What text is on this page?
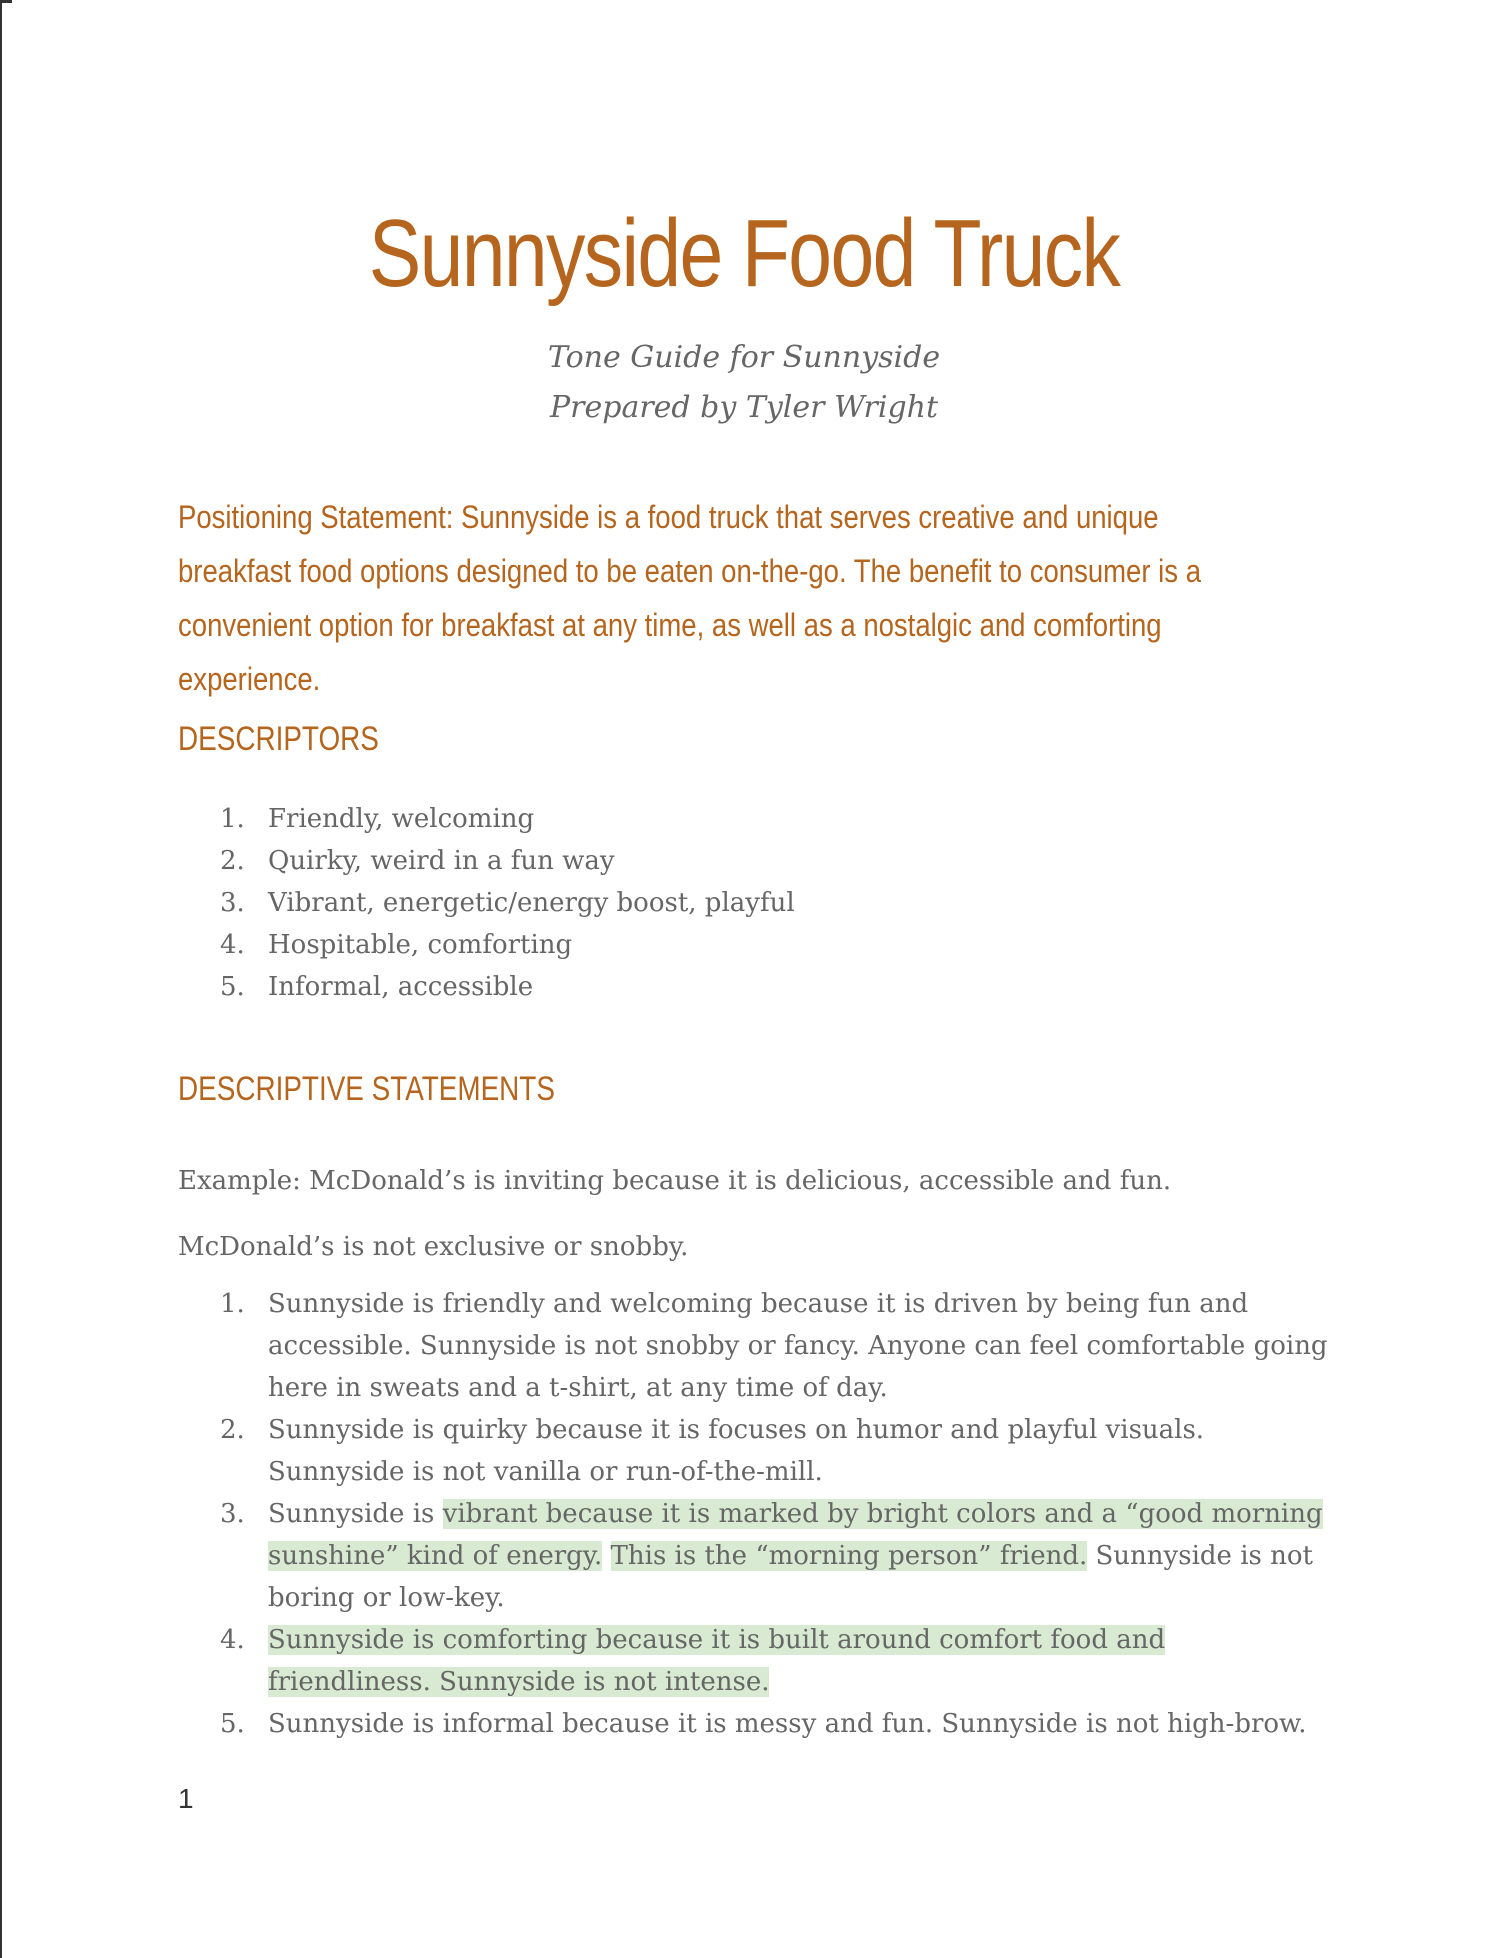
Sunnyside Food Truck
Tone Guide for Sunnyside
Prepared by Tyler Wright
Positioning Statement: Sunnyside is a food truck that serves creative and unique breakfast food options designed to be eaten on-the-go. The benefit to consumer is a convenient option for breakfast at any time, as well as a nostalgic and comforting experience.
DESCRIPTORS
1. Friendly, welcoming
2. Quirky, weird in a fun way
3. Vibrant, energetic/energy boost, playful
4. Hospitable, comforting
5. Informal, accessible
DESCRIPTIVE STATEMENTS
Example: McDonald’s is inviting because it is delicious, accessible and fun. McDonald’s is not exclusive or snobby.
1. Sunnyside is friendly and welcoming because it is driven by being fun and accessible. Sunnyside is not snobby or fancy. Anyone can feel comfortable going here in sweats and a t-shirt, at any time of day.
2. Sunnyside is quirky because it is focuses on humor and playful visuals. Sunnyside is not vanilla or run-of-the-mill.
3. Sunnyside is vibrant because it is marked by bright colors and a “good morning sunshine” kind of energy. This is the “morning person” friend. Sunnyside is not boring or low-key.
4. Sunnyside is comforting because it is built around comfort food and friendliness. Sunnyside is not intense.
5. Sunnyside is informal because it is messy and fun. Sunnyside is not high-brow.
1
